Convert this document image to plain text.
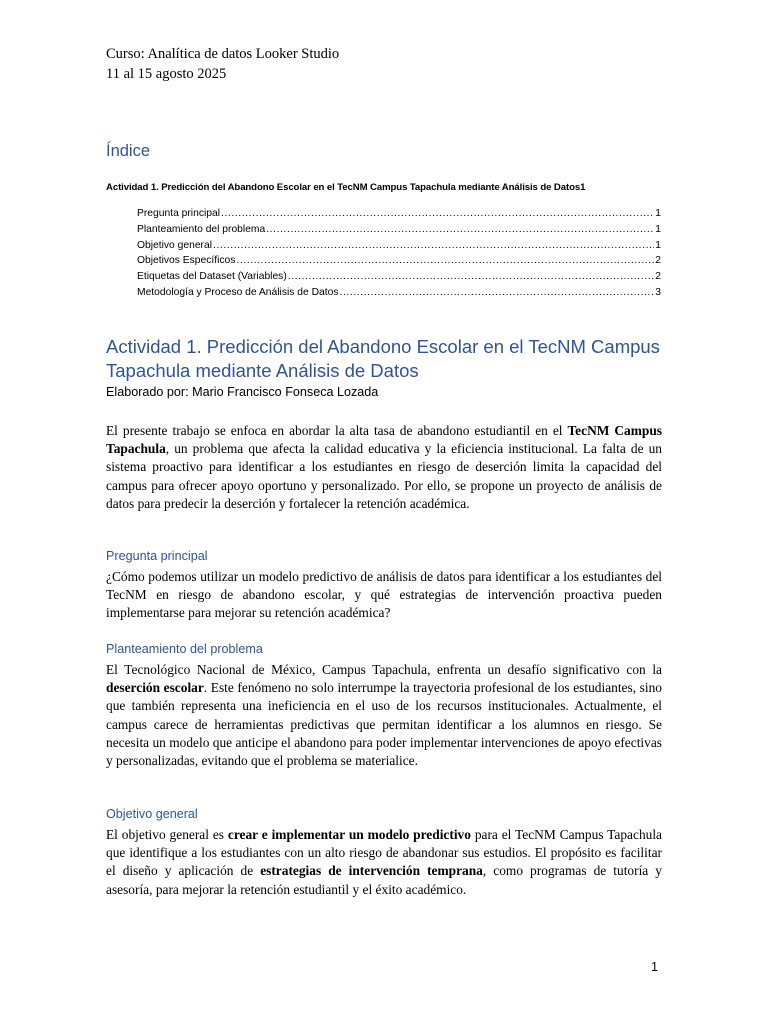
Curso: Analítica de datos Looker Studio
11 al 15 agosto 2025
Índice
Actividad 1. Predicción del Abandono Escolar en el TecNM Campus Tapachula mediante Análisis de Datos1
Pregunta principal .....	1
Planteamiento del problema .....	1
Objetivo general .....	1
Objetivos Específicos .....	2
Etiquetas del Dataset (Variables) .....	2
Metodología y Proceso de Análisis de Datos .....	3
Actividad 1. Predicción del Abandono Escolar en el TecNM Campus Tapachula mediante Análisis de Datos
Elaborado por: Mario Francisco Fonseca Lozada
El presente trabajo se enfoca en abordar la alta tasa de abandono estudiantil en el TecNM Campus Tapachula, un problema que afecta la calidad educativa y la eficiencia institucional. La falta de un sistema proactivo para identificar a los estudiantes en riesgo de deserción limita la capacidad del campus para ofrecer apoyo oportuno y personalizado. Por ello, se propone un proyecto de análisis de datos para predecir la deserción y fortalecer la retención académica.
Pregunta principal
¿Cómo podemos utilizar un modelo predictivo de análisis de datos para identificar a los estudiantes del TecNM en riesgo de abandono escolar, y qué estrategias de intervención proactiva pueden implementarse para mejorar su retención académica?
Planteamiento del problema
El Tecnológico Nacional de México, Campus Tapachula, enfrenta un desafío significativo con la deserción escolar. Este fenómeno no solo interrumpe la trayectoria profesional de los estudiantes, sino que también representa una ineficiencia en el uso de los recursos institucionales. Actualmente, el campus carece de herramientas predictivas que permitan identificar a los alumnos en riesgo. Se necesita un modelo que anticipe el abandono para poder implementar intervenciones de apoyo efectivas y personalizadas, evitando que el problema se materialice.
Objetivo general
El objetivo general es crear e implementar un modelo predictivo para el TecNM Campus Tapachula que identifique a los estudiantes con un alto riesgo de abandonar sus estudios. El propósito es facilitar el diseño y aplicación de estrategias de intervención temprana, como programas de tutoría y asesoría, para mejorar la retención estudiantil y el éxito académico.
1
